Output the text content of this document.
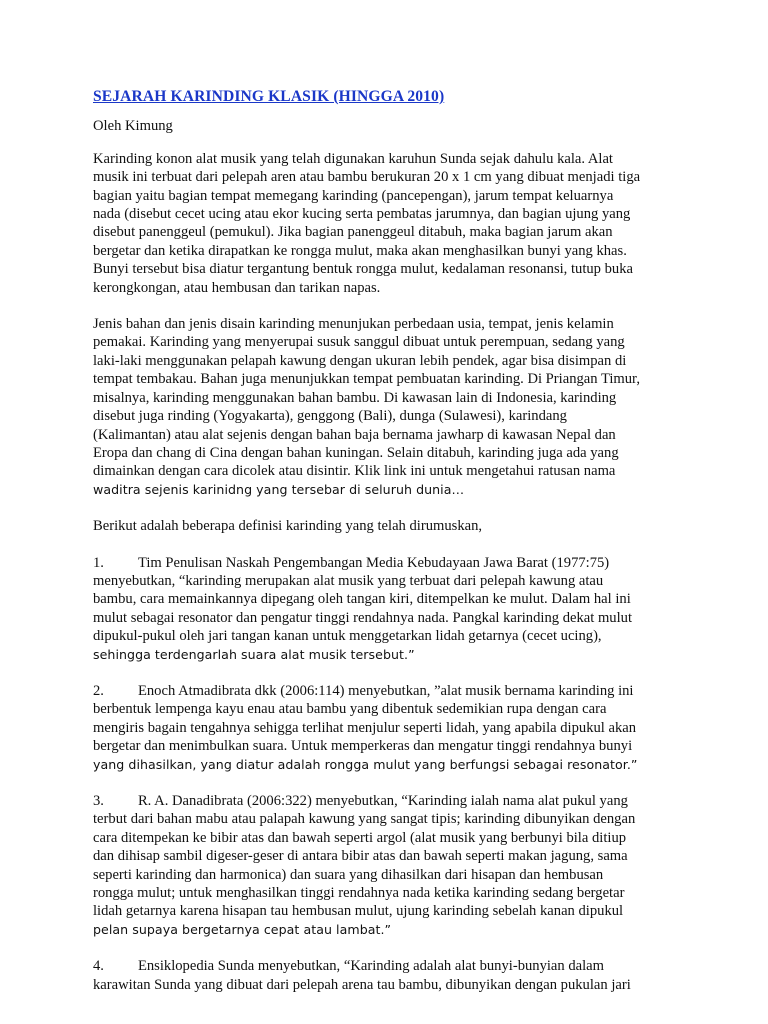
SEJARAH KARINDING KLASIK (HINGGA 2010)
Oleh Kimung
Karinding konon alat musik yang telah digunakan karuhun Sunda sejak dahulu kala. Alat
musik ini terbuat dari pelepah aren atau bambu berukuran 20 x 1 cm yang dibuat menjadi tiga
bagian yaitu bagian tempat memegang karinding (pancepengan), jarum tempat keluarnya
nada (disebut cecet ucing atau ekor kucing serta pembatas jarumnya, dan bagian ujung yang
disebut panenggeul (pemukul). Jika bagian panenggeul ditabuh, maka bagian jarum akan
bergetar dan ketika dirapatkan ke rongga mulut, maka akan menghasilkan bunyi yang khas.
Bunyi tersebut bisa diatur tergantung bentuk rongga mulut, kedalaman resonansi, tutup buka
kerongkongan, atau hembusan dan tarikan napas.
Jenis bahan dan jenis disain karinding menunjukan perbedaan usia, tempat, jenis kelamin
pemakai. Karinding yang menyerupai susuk sanggul dibuat untuk perempuan, sedang yang
laki-laki menggunakan pelapah kawung dengan ukuran lebih pendek, agar bisa disimpan di
tempat tembakau. Bahan juga menunjukkan tempat pembuatan karinding. Di Priangan Timur,
misalnya, karinding menggunakan bahan bambu. Di kawasan lain di Indonesia, karinding
disebut juga rinding (Yogyakarta), genggong (Bali), dunga (Sulawesi), karindang
(Kalimantan) atau alat sejenis dengan bahan baja bernama jawharp di kawasan Nepal dan
Eropa dan chang di Cina dengan bahan kuningan. Selain ditabuh, karinding juga ada yang
dimainkan dengan cara dicolek atau disintir. Klik link ini untuk mengetahui ratusan nama
waditra sejenis karinidng yang tersebar di seluruh dunia…
Berikut adalah beberapa definisi karinding yang telah dirumuskan,
1. Tim Penulisan Naskah Pengembangan Media Kebudayaan Jawa Barat (1977:75)
menyebutkan, “karinding merupakan alat musik yang terbuat dari pelepah kawung atau
bambu, cara memainkannya dipegang oleh tangan kiri, ditempelkan ke mulut. Dalam hal ini
mulut sebagai resonator dan pengatur tinggi rendahnya nada. Pangkal karinding dekat mulut
dipukul-pukul oleh jari tangan kanan untuk menggetarkan lidah getarnya (cecet ucing),
sehingga terdengarlah suara alat musik tersebut.”
2. Enoch Atmadibrata dkk (2006:114) menyebutkan, ”alat musik bernama karinding ini
berbentuk lempenga kayu enau atau bambu yang dibentuk sedemikian rupa dengan cara
mengiris bagain tengahnya sehigga terlihat menjulur seperti lidah, yang apabila dipukul akan
bergetar dan menimbulkan suara. Untuk memperkeras dan mengatur tinggi rendahnya bunyi
yang dihasilkan, yang diatur adalah rongga mulut yang berfungsi sebagai resonator.”
3. R. A. Danadibrata (2006:322) menyebutkan, “Karinding ialah nama alat pukul yang
terbut dari bahan mabu atau palapah kawung yang sangat tipis; karinding dibunyikan dengan
cara ditempekan ke bibir atas dan bawah seperti argol (alat musik yang berbunyi bila ditiup
dan dihisap sambil digeser-geser di antara bibir atas dan bawah seperti makan jagung, sama
seperti karinding dan harmonica) dan suara yang dihasilkan dari hisapan dan hembusan
rongga mulut; untuk menghasilkan tinggi rendahnya nada ketika karinding sedang bergetar
lidah getarnya karena hisapan tau hembusan mulut, ujung karinding sebelah kanan dipukul
pelan supaya bergetarnya cepat atau lambat.”
4. Ensiklopedia Sunda menyebutkan, “Karinding adalah alat bunyi-bunyian dalam
karawitan Sunda yang dibuat dari pelepah arena tau bambu, dibunyikan dengan pukulan jari
